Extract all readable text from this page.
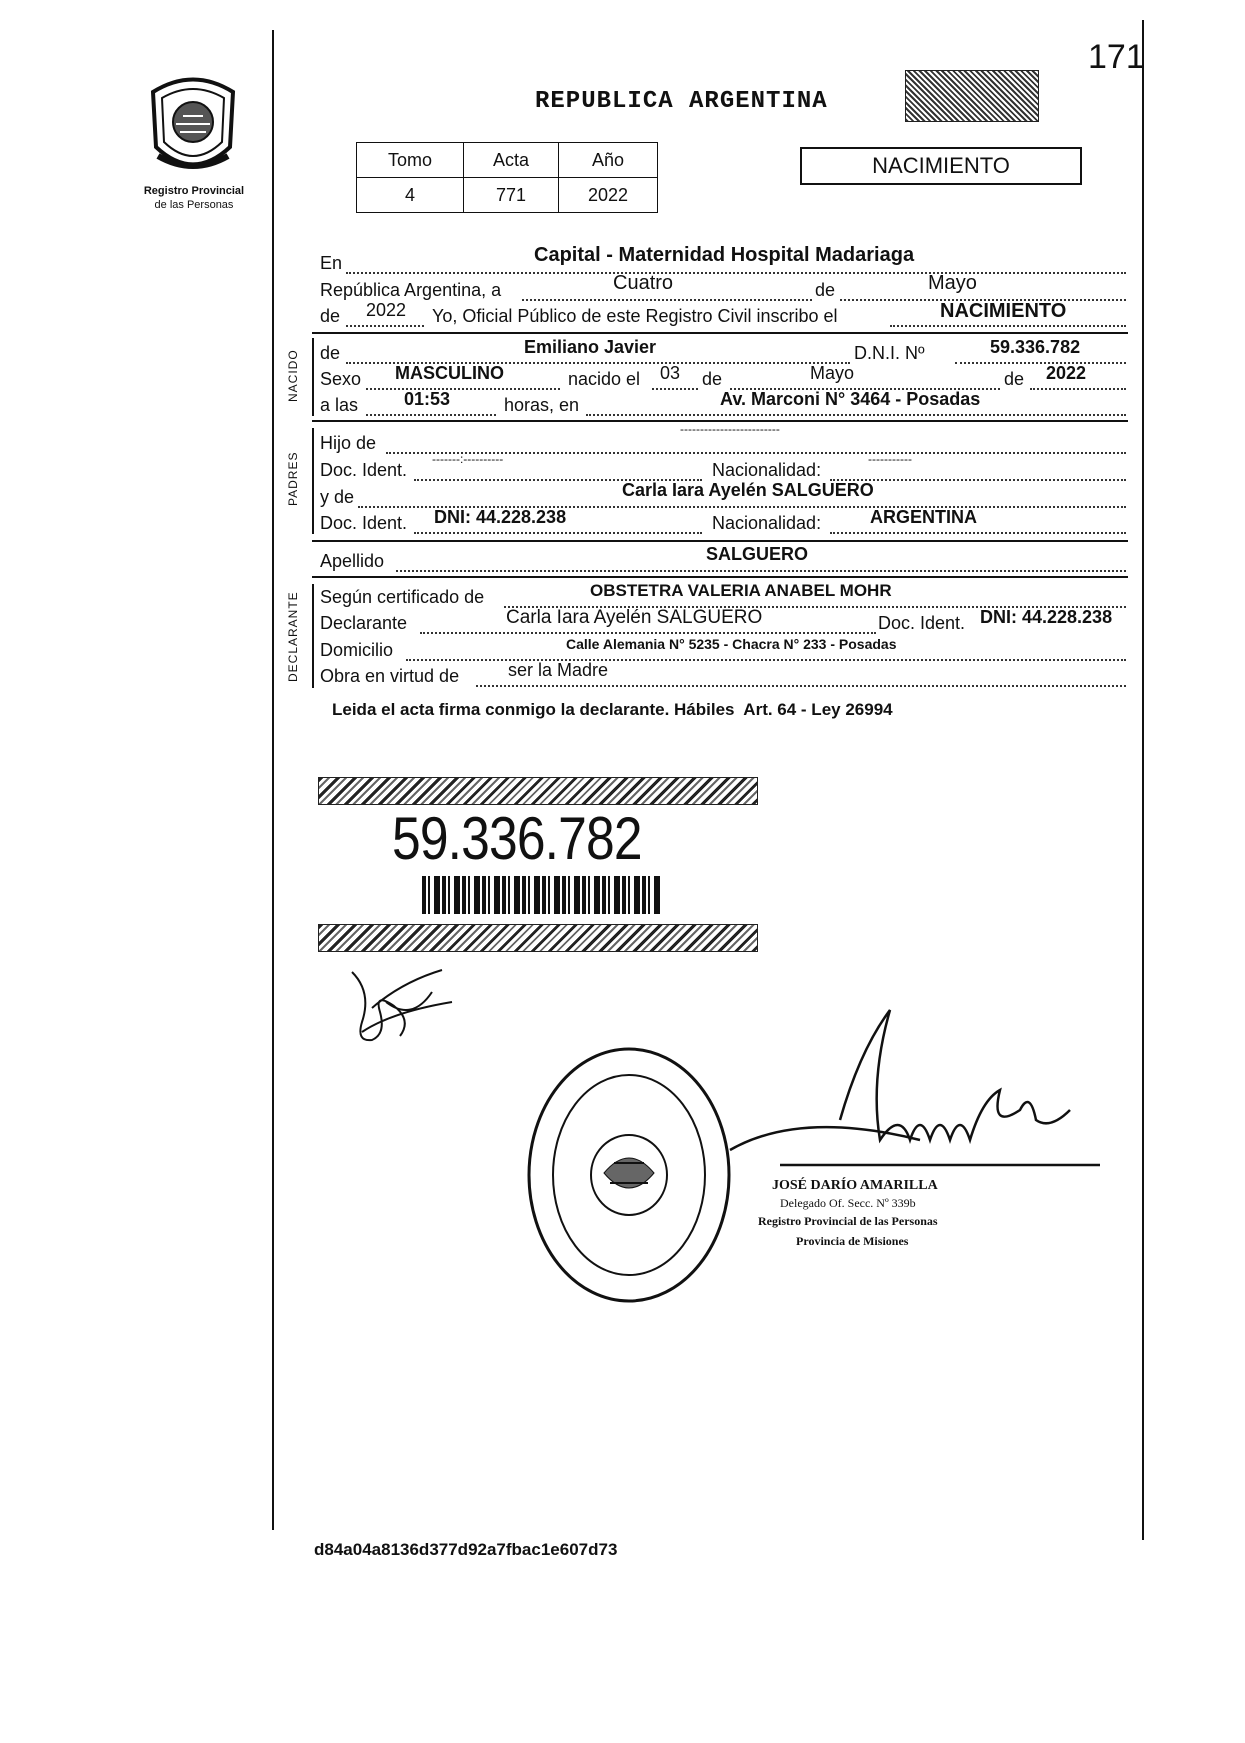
171
Registro Provincial
de las Personas
REPUBLICA ARGENTINA
Tomo	Acta	Año
4	771	2022
NACIMIENTO
En	Capital - Maternidad Hospital Madariaga
República Argentina, a	Cuatro	de	Mayo
de 2022 Yo, Oficial Público de este Registro Civil inscribo el	NACIMIENTO
NACIDO de	Emiliano Javier	D.N.I. Nº	59.336.782
Sexo MASCULINO	nacido el 03 de	Mayo	de 2022
a las	01:53	horas, en	Av. Marconi N° 3464 - Posadas
PADRES
Hijo de
-------------------------
Doc. Ident.
-------:----------
Nacionalidad:
-----------
y de	Carla Iara Ayelén SALGUERO
Doc. Ident. DNI: 44.228.238	Nacionalidad:	ARGENTINA
Apellido	SALGUERO
DECLARANTE Según certificado de	OBSTETRA VALERIA ANABEL MOHR
Declarante	Carla Iara Ayelén SALGUERO	Doc. Ident. DNI: 44.228.238
Domicilio	Calle Alemania N° 5235 - Chacra N° 233 - Posadas
Obra en virtud de	ser la Madre
Leida el acta firma conmigo la declarante. Hábiles  Art. 64 - Ley 26994
59.336.782
JOSÉ DARÍO AMARILLA
Delegado Of. Secc. Nº 339b
Registro Provincial de las Personas
Provincia de Misiones
d84a04a8136d377d92a7fbac1e607d73
